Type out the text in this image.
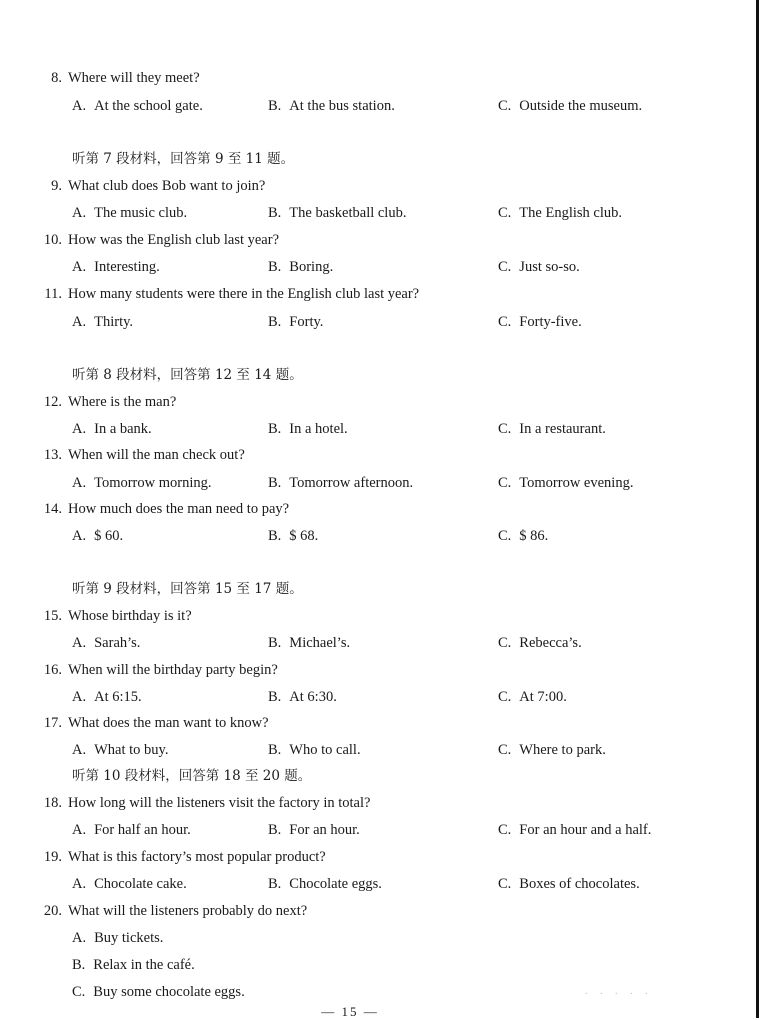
8. Where will they meet?
A. At the school gate.	B. At the bus station.	C. Outside the museum.
听第 7 段材料，回答第 9 至 11 题。
9. What club does Bob want to join?
A. The music club.	B. The basketball club.	C. The English club.
10. How was the English club last year?
A. Interesting.	B. Boring.	C. Just so-so.
11. How many students were there in the English club last year?
A. Thirty.	B. Forty.	C. Forty-five.
听第 8 段材料，回答第 12 至 14 题。
12. Where is the man?
A. In a bank.	B. In a hotel.	C. In a restaurant.
13. When will the man check out?
A. Tomorrow morning.	B. Tomorrow afternoon.	C. Tomorrow evening.
14. How much does the man need to pay?
A. $ 60.	B. $ 68.	C. $ 86.
听第 9 段材料，回答第 15 至 17 题。
15. Whose birthday is it?
A. Sarah’s.	B. Michael’s.	C. Rebecca’s.
16. When will the birthday party begin?
A. At 6:15.	B. At 6:30.	C. At 7:00.
17. What does the man want to know?
A. What to buy.	B. Who to call.	C. Where to park.
听第 10 段材料，回答第 18 至 20 题。
18. How long will the listeners visit the factory in total?
A. For half an hour.	B. For an hour.	C. For an hour and a half.
19. What is this factory’s most popular product?
A. Chocolate cake.	B. Chocolate eggs.	C. Boxes of chocolates.
20. What will the listeners probably do next?
A. Buy tickets.
B. Relax in the café.
C. Buy some chocolate eggs.	. . . . .
— 15 —
